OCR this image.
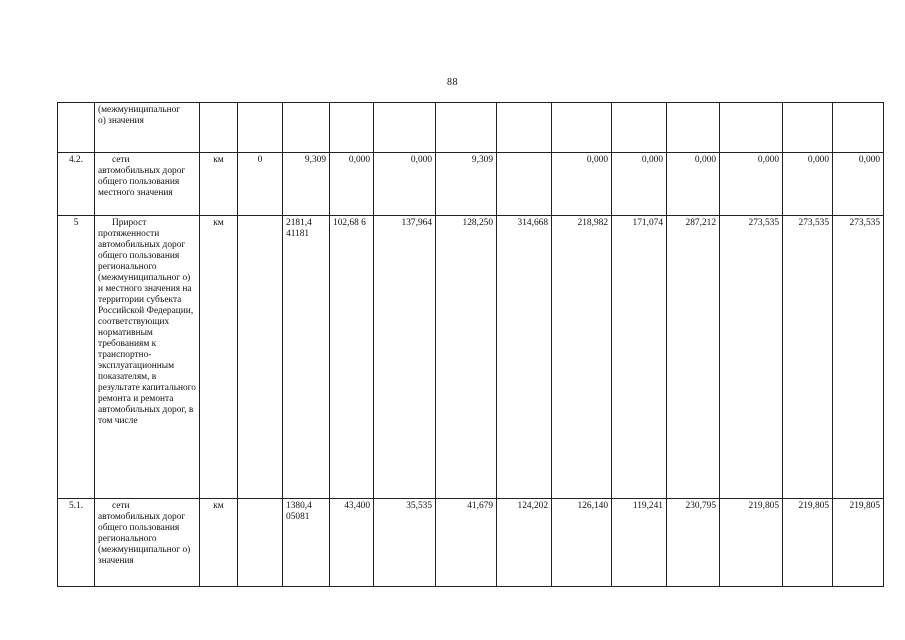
88

	(межмуниципальног
о) значения													

4.2.	сети
автомобильных дорог общего пользования местного значения	км	0	9,309	0,000	0,000	9,309		0,000	0,000	0,000	0,000	0,000	0,000
5	Прирост
протяженности автомобильных дорог общего пользования регионального (межмуниципальног о) и местного значения на территории субъекта Российской Федерации, соответствующих нормативным требованиям к транспортно-эксплуатационным показателям, в результате капитального ремонта и ремонта автомобильных дорог, в том числе	км		2181,4 41181	102,68 6	137,964	128,250	314,668	218,982	171,074	287,212	273,535	273,535	273,535
5.1.	сети
автомобильных дорог общего пользования регионального (межмуниципальног о) значения	км		1380,4 05081	43,400	35,535	41,679	124,202	126,140	119,241	230,795	219,805	219,805	219,805
